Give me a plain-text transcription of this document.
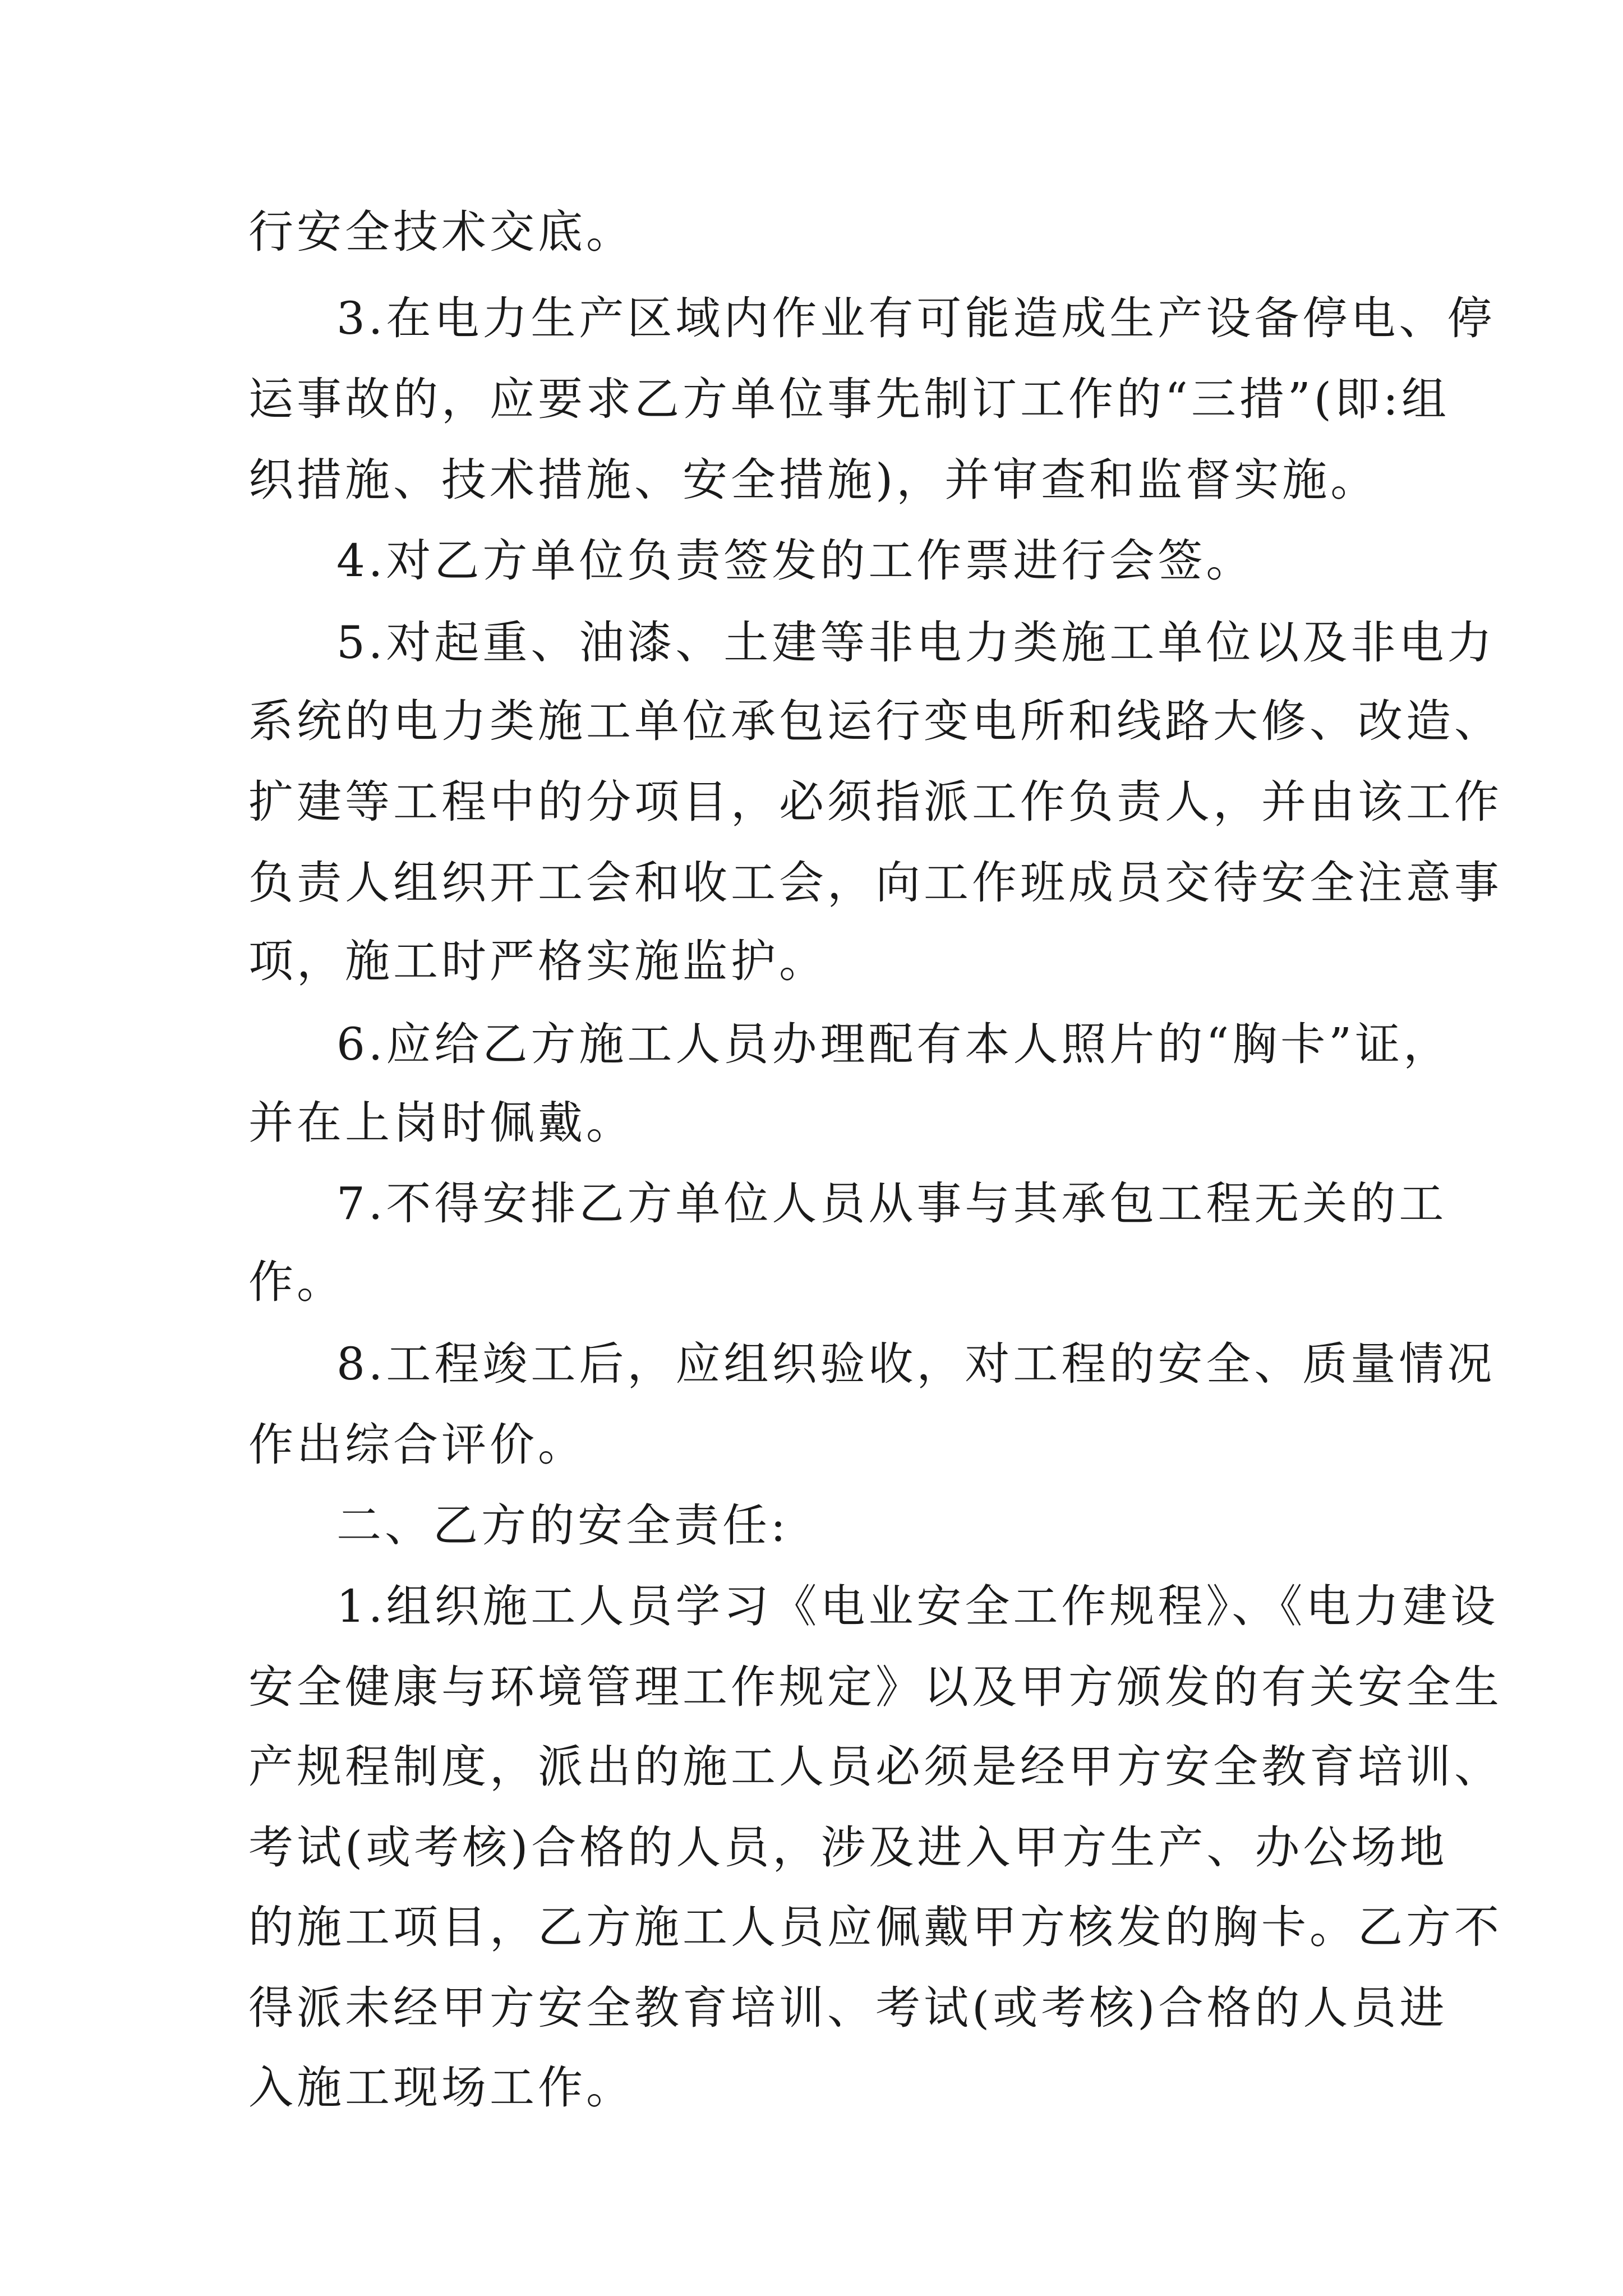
行安全技术交底。
3.在电力生产区域内作业有可能造成生产设备停电、停
运事故的，应要求乙方单位事先制订工作的“三措”(即:组
织措施、技术措施、安全措施)，并审查和监督实施。
4.对乙方单位负责签发的工作票进行会签。
5.对起重、油漆、土建等非电力类施工单位以及非电力
系统的电力类施工单位承包运行变电所和线路大修、改造、
扩建等工程中的分项目，必须指派工作负责人，并由该工作
负责人组织开工会和收工会，向工作班成员交待安全注意事
项，施工时严格实施监护。
6.应给乙方施工人员办理配有本人照片的“胸卡”证，
并在上岗时佩戴。
7.不得安排乙方单位人员从事与其承包工程无关的工
作。
8.工程竣工后，应组织验收，对工程的安全、质量情况
作出综合评价。
二、乙方的安全责任:
1.组织施工人员学习《电业安全工作规程》、《电力建设
安全健康与环境管理工作规定》以及甲方颁发的有关安全生
产规程制度，派出的施工人员必须是经甲方安全教育培训、
考试(或考核)合格的人员，涉及进入甲方生产、办公场地
的施工项目，乙方施工人员应佩戴甲方核发的胸卡。乙方不
得派未经甲方安全教育培训、考试(或考核)合格的人员进
入施工现场工作。
